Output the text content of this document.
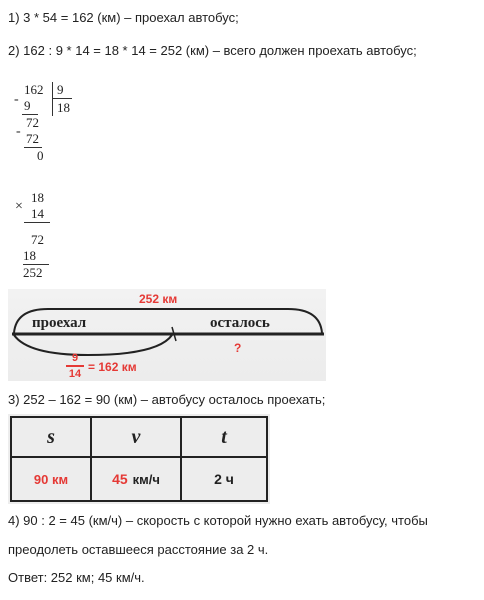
1) 3 * 54 = 162 (км) – проехал автобус;
2) 162 : 9 * 14 = 18 * 14 = 252 (км) – всего должен проехать автобус;
-
162 9
18
9
-
72
72
0
×
18
14
72
18
252
252 км
проехал	осталось
?
9
14 = 162 км
3) 252 – 162 = 90 (км) – автобусу осталось проехать;
s	v	t
90 км	45 км/ч	2 ч
4) 90 : 2 = 45 (км/ч) – скорость с которой нужно ехать автобусу, чтобы
преодолеть оставшееся расстояние за 2 ч.
Ответ: 252 км; 45 км/ч.
